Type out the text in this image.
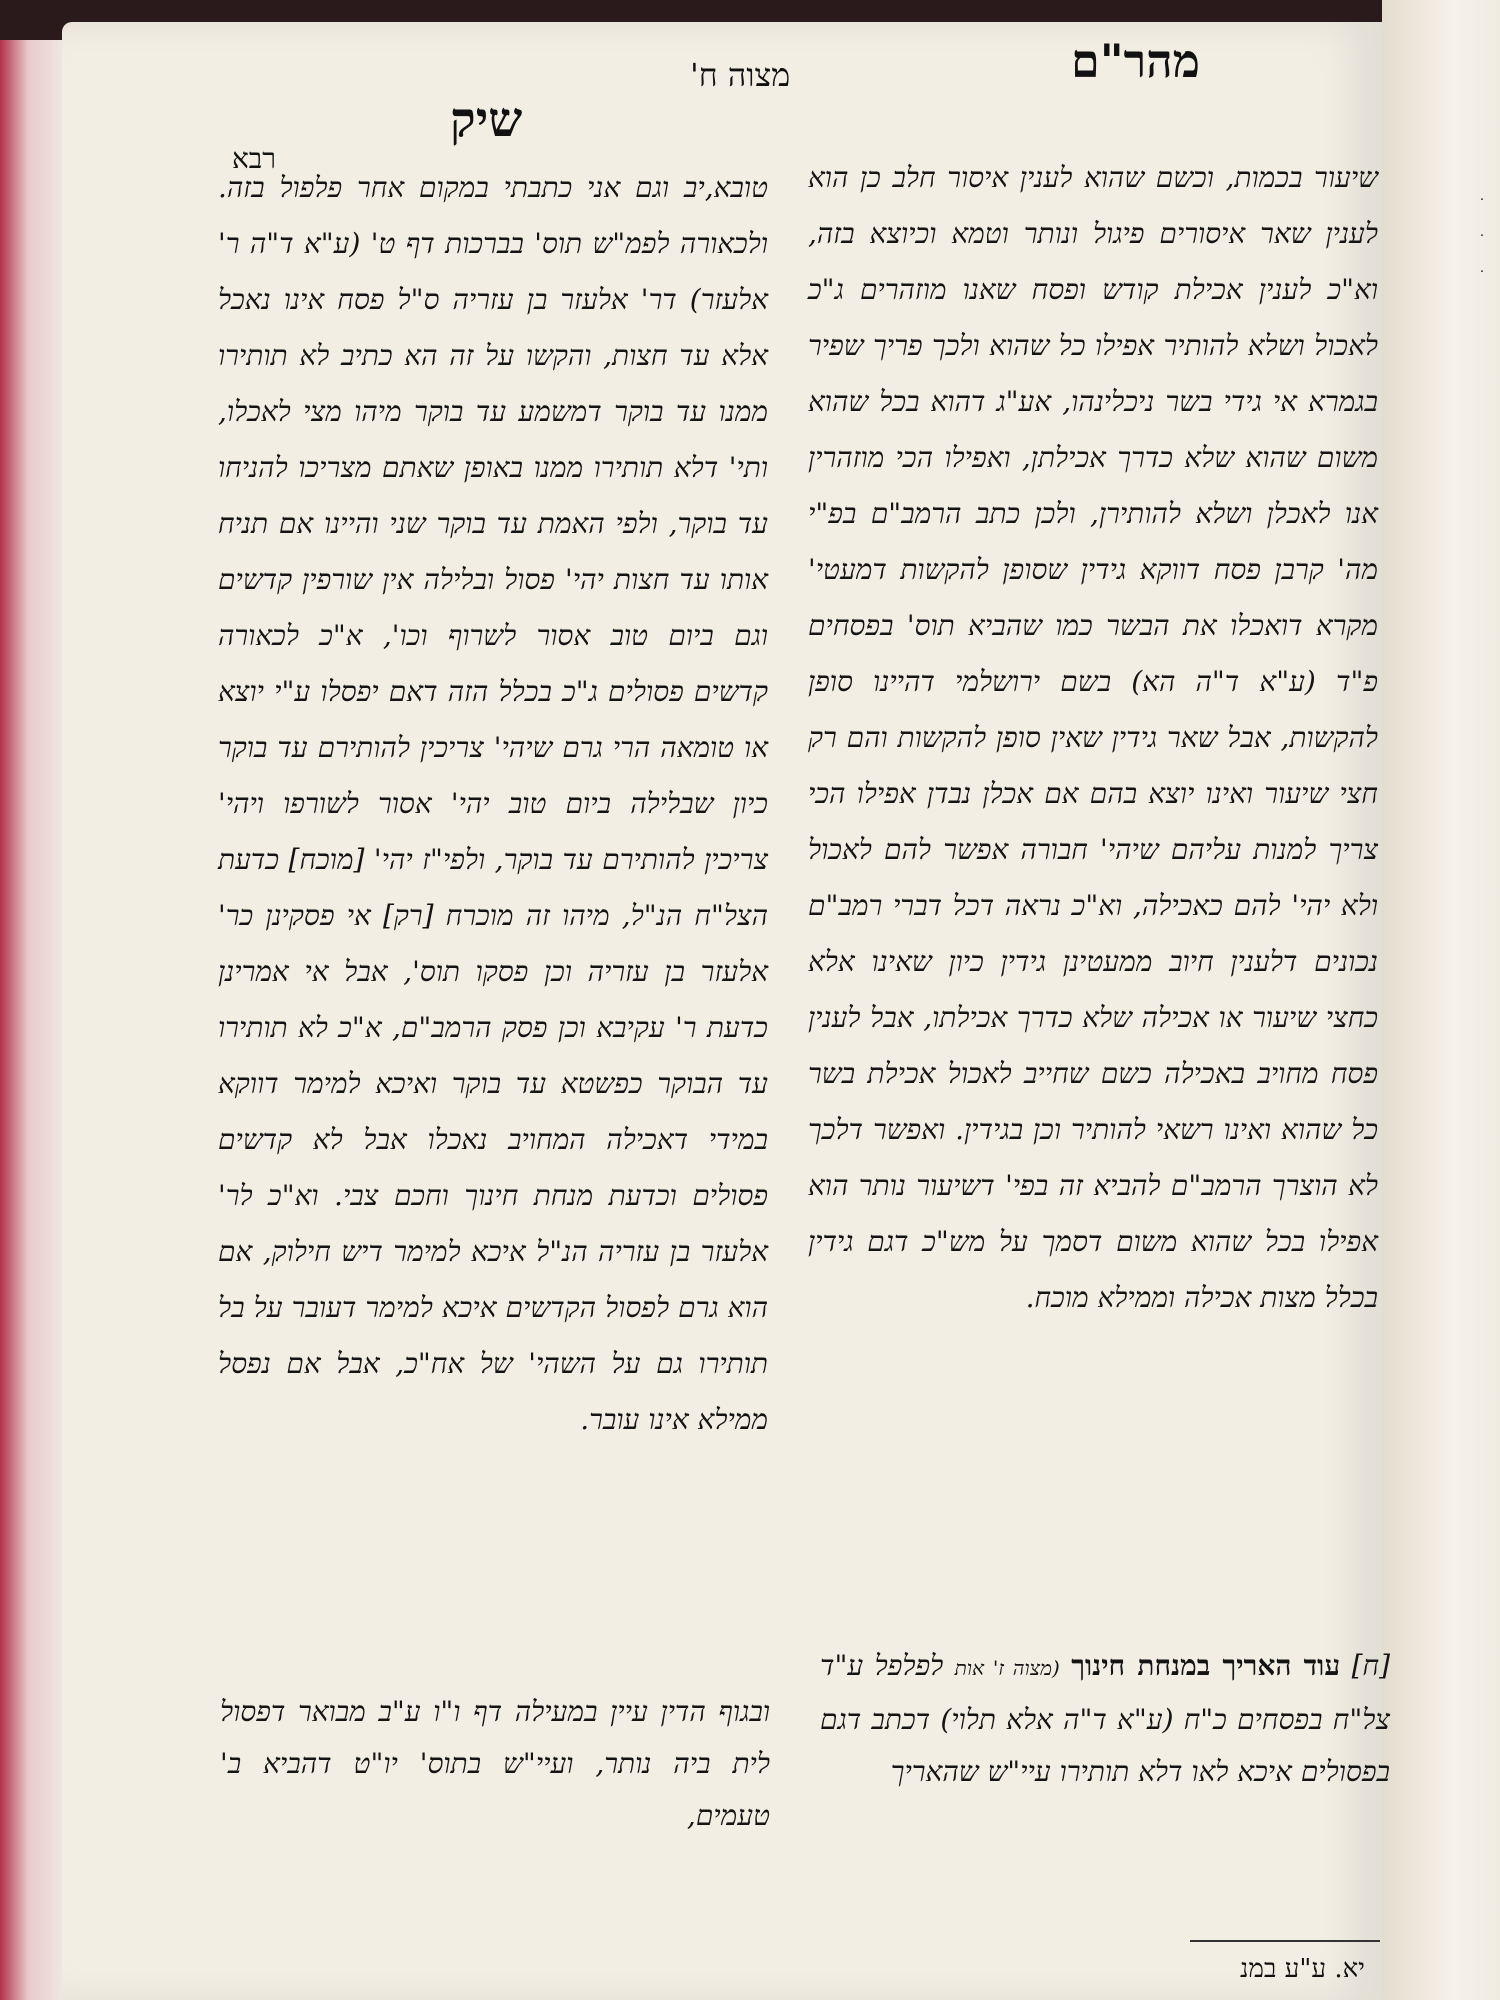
מהר"ם
מצוה ח'
שיק
רבא

שיעור בכמות, וכשם שהוא לענין איסור חלב כן הוא לענין שאר איסורים פיגול ונותר וטמא וכיוצא בזה, וא"כ לענין אכילת קודש ופסח שאנו מוזהרים ג"כ לאכול ושלא להותיר אפילו כל שהוא ולכך פריך שפיר בגמרא אי גידי בשר ניכלינהו, אע"ג דהוא בכל שהוא משום שהוא שלא כדרך אכילתן, ואפילו הכי מוזהרין אנו לאכלן ושלא להותירן, ולכן כתב הרמב"ם בפ"י מה' קרבן פסח דווקא גידין שסופן להקשות דמעטי' מקרא דואכלו את הבשר כמו שהביא תוס' בפסחים פ"ד (ע"א ד"ה הא) בשם ירושלמי דהיינו סופן להקשות, אבל שאר גידין שאין סופן להקשות והם רק חצי שיעור ואינו יוצא בהם אם אכלן נבדן אפילו הכי צריך למנות עליהם שיהי' חבורה אפשר להם לאכול ולא יהי' להם כאכילה, וא"כ נראה דכל דברי רמב"ם נכונים דלענין חיוב ממעטינן גידין כיון שאינו אלא כחצי שיעור או אכילה שלא כדרך אכילתו, אבל לענין פסח מחויב באכילה כשם שחייב לאכול אכילת בשר כל שהוא ואינו רשאי להותיר וכן בגידין. ואפשר דלכך לא הוצרך הרמב"ם להביא זה בפי' דשיעור נותר הוא אפילו בכל שהוא משום דסמך על מש"כ דגם גידין בכלל מצות אכילה וממילא מוכח.

טובא,יב וגם אני כתבתי במקום אחר פלפול בזה. ולכאורה לפמ"ש תוס' בברכות דף ט' (ע"א ד"ה ר' אלעזר) דר' אלעזר בן עזריה ס"ל פסח אינו נאכל אלא עד חצות, והקשו על זה הא כתיב לא תותירו ממנו עד בוקר דמשמע עד בוקר מיהו מצי לאכלו, ותי' דלא תותירו ממנו באופן שאתם מצריכו להניחו עד בוקר, ולפי האמת עד בוקר שני והיינו אם תניח אותו עד חצות יהי' פסול ובלילה אין שורפין קדשים וגם ביום טוב אסור לשרוף וכו', א"כ לכאורה קדשים פסולים ג"כ בכלל הזה דאם יפסלו ע"י יוצא או טומאה הרי גרם שיהי' צריכין להותירם עד בוקר כיון שבלילה ביום טוב יהי' אסור לשורפו ויהי' צריכין להותירם עד בוקר, ולפי"ז יהי' [מוכח] כדעת הצל"ח הנ"ל, מיהו זה מוכרח [רק] אי פסקינן כר' אלעזר בן עזריה וכן פסקו תוס', אבל אי אמרינן כדעת ר' עקיבא וכן פסק הרמב"ם, א"כ לא תותירו עד הבוקר כפשטא עד בוקר ואיכא למימר דווקא במידי דאכילה המחויב נאכלו אבל לא קדשים פסולים וכדעת מנחת חינוך וחכם צבי. וא"כ לר' אלעזר בן עזריה הנ"ל איכא למימר דיש חילוק, אם הוא גרם לפסול הקדשים איכא למימר דעובר על בל תותירו גם על השהי' של אח"כ, אבל אם נפסל ממילא אינו עובר.

ובגוף הדין עיין במעילה דף ו"ו ע"ב מבואר דפסול לית ביה נותר, ועיי"ש בתוס' יו"ט דהביא ב' טעמים,

[ח] עוד האריך במנחת חינוך (מצוה ז' אות לפלפל ע"ד צל"ח בפסחים כ"ח (ע"א ד"ה אלא תלוי) דכתב דגם בפסולים איכא לאו דלא תותירו עיי"ש שהאריך

יא. ע"ע במנ
